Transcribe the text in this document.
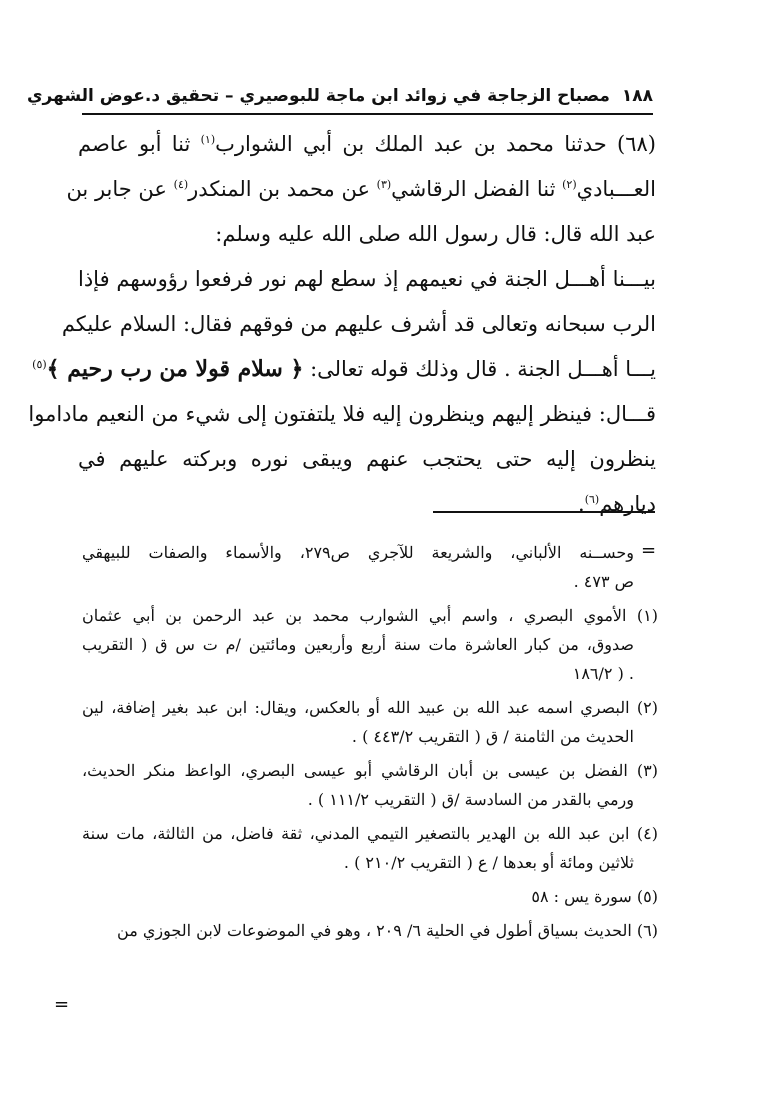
١٨٨ مصباح الزجاجة في زوائد ابن ماجة للبوصيري – تحقيق د.عوض الشهري

(٦٨) حدثنا محمد بن عبد الملك بن أبي الشوارب$^{(١)}$ ثنا أبو عاصم

العـــبادي$^{(٢)}$ ثنا الفضل الرقاشي$^{(٣)}$ عن محمد بن المنكدر$^{(٤)}$ عن جابر بن

عبد الله قال: قال رسول الله صلى الله عليه وسلم:

بيـــنا أهـــل الجنة في نعيمهم إذ سطع لهم نور فرفعوا رؤوسهم فإذا

الرب سبحانه وتعالى قد أشرف عليهم من فوقهم فقال: السلام عليكم

يـــا أهـــل الجنة . قال وذلك قوله تعالى: ﴿ سلام قولا من رب رحيم ﴾$^{(٥)}$

قـــال: فينظر إليهم وينظرون إليه فلا يلتفتون إلى شيء من النعيم ماداموا

ينظرون إليه حتى يحتجب عنهم ويبقى نوره وبركته عليهم في ديارهم$^{(٦)}$.

=
وحســنه الألباني، والشريعة للآجري ص٢٧٩، والأسماء والصفات للبيهقي
ص ٤٧٣ .
(١) الأموي البصري ، واسم أبي الشوارب محمد بن عبد الرحمن بن أبي عثمان
صدوق، من كبار العاشرة مات سنة أربع وأربعين ومائتين /م ت س ق ( التقريب
. ( ١٨٦/٢
(٢) البصري اسمه عبد الله بن عبيد الله أو بالعكس، ويقال: ابن عبد بغير إضافة، لين
الحديث من الثامنة / ق ( التقريب ٤٤٣/٢ ) .
(٣) الفضل بن عيسى بن أبان الرقاشي أبو عيسى البصري، الواعظ منكر الحديث،
ورمي بالقدر من السادسة /ق ( التقريب ١١١/٢ ) .
(٤) ابن عبد الله بن الهدير بالتصغير التيمي المدني، ثقة فاضل، من الثالثة، مات سنة
ثلاثين ومائة أو بعدها / ع ( التقريب ٢١٠/٢ ) .
(٥) سورة يس : ٥٨
(٦) الحديث بسياق أطول في الحلية ٦/ ٢٠٩ ، وهو في الموضوعات لابن الجوزي من
=
